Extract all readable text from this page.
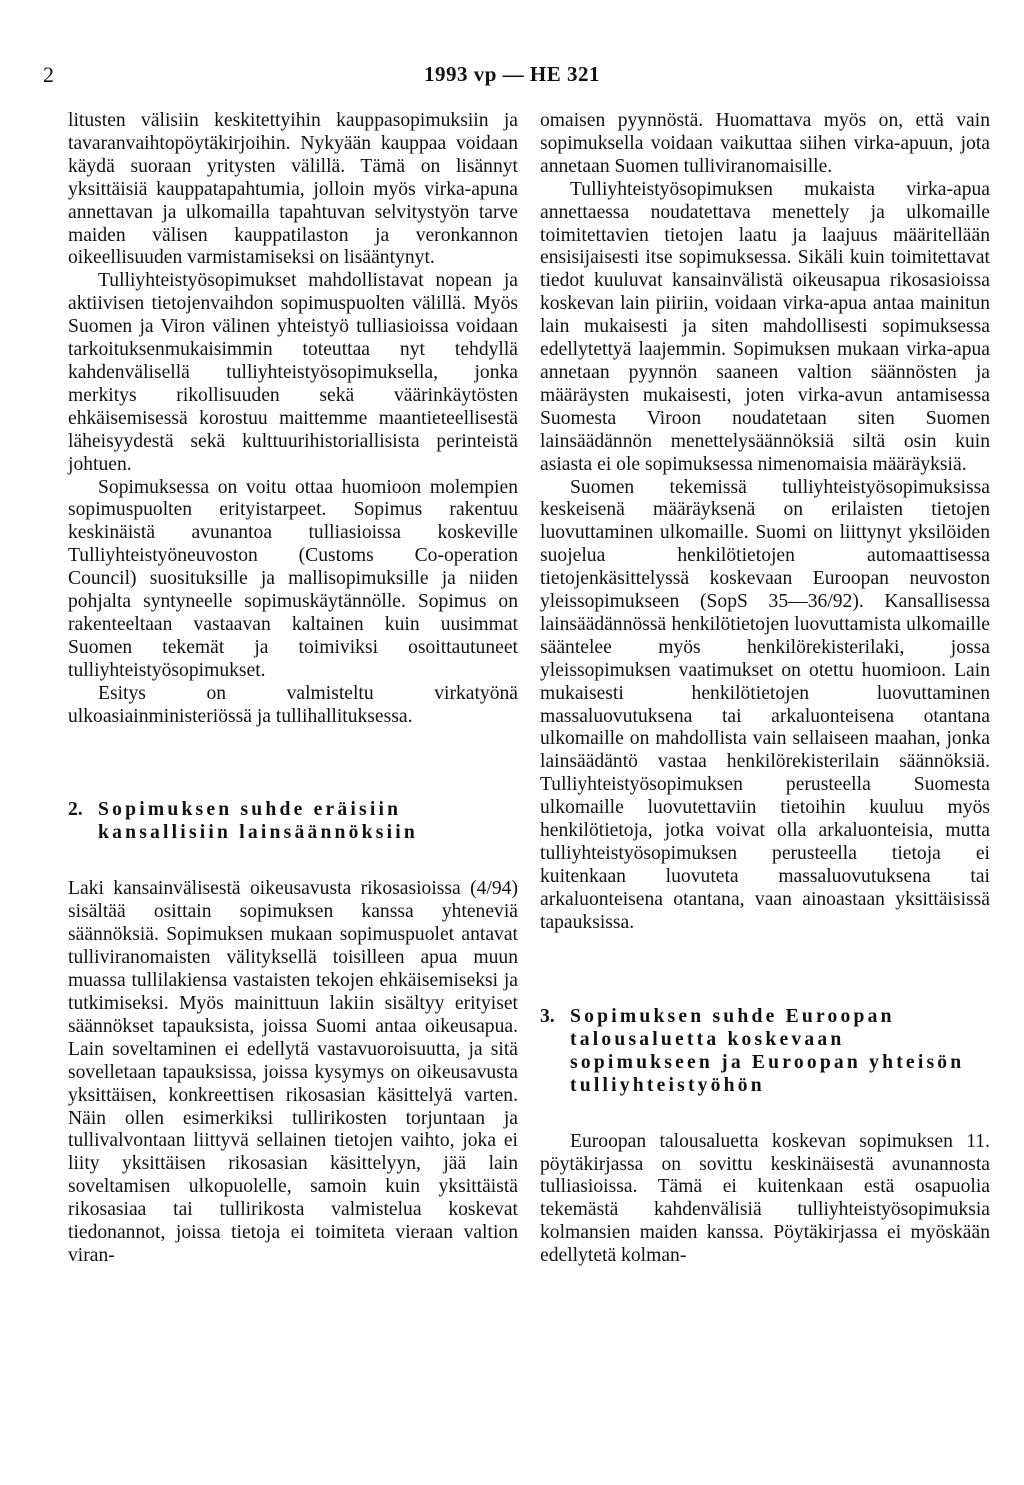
2	1993 vp — HE 321

litusten välisiin keskitettyihin kauppasopimuksiin ja tavaranvaihtopöytäkirjoihin. Nykyään kauppaa voidaan käydä suoraan yritysten välillä. Tämä on lisännyt yksittäisiä kauppatapahtumia, jolloin myös virka-apuna annettavan ja ulkomailla tapahtuvan selvitystyön tarve maiden välisen kauppatilaston ja veronkannon oikeellisuuden varmistamiseksi on lisääntynyt.

Tulliyhteistyösopimukset mahdollistavat nopean ja aktiivisen tietojenvaihdon sopimuspuolten välillä. Myös Suomen ja Viron välinen yhteistyö tulliasioissa voidaan tarkoituksenmukaisimmin toteuttaa nyt tehdyllä kahdenvälisellä tulliyhteistyösopimuksella, jonka merkitys rikollisuuden sekä väärinkäytösten ehkäisemisessä korostuu maittemme maantieteellisestä läheisyydestä sekä kulttuurihistoriallisista perinteistä johtuen.

Sopimuksessa on voitu ottaa huomioon molempien sopimuspuolten erityistarpeet. Sopimus rakentuu keskinäistä avunantoa tulliasioissa koskeville Tulliyhteistyöneuvoston (Customs Co-operation Council) suosituksille ja mallisopimuksille ja niiden pohjalta syntyneelle sopimuskäytännölle. Sopimus on rakenteeltaan vastaavan kaltainen kuin uusimmat Suomen tekemät ja toimiviksi osoittautuneet tulliyhteistyösopimukset.

Esitys on valmisteltu virkatyönä ulkoasiainministeriössä ja tullihallituksessa.

2. Sopimuksen suhde eräisiin kansallisiin lainsäännöksiin

Laki kansainvälisestä oikeusavusta rikosasioissa (4/94) sisältää osittain sopimuksen kanssa yhteneviä säännöksiä. Sopimuksen mukaan sopimuspuolet antavat tulliviranomaisten välityksellä toisilleen apua muun muassa tullilakiensa vastaisten tekojen ehkäisemiseksi ja tutkimiseksi. Myös mainittuun lakiin sisältyy erityiset säännökset tapauksista, joissa Suomi antaa oikeusapua. Lain soveltaminen ei edellytä vastavuoroisuutta, ja sitä sovelletaan tapauksissa, joissa kysymys on oikeusavusta yksittäisen, konkreettisen rikosasian käsittelyä varten. Näin ollen esimerkiksi tullirikosten torjuntaan ja tullivalvontaan liittyvä sellainen tietojen vaihto, joka ei liity yksittäisen rikosasian käsittelyyn, jää lain soveltamisen ulkopuolelle, samoin kuin yksittäistä rikosasiaa tai tullirikosta valmistelua koskevat tiedonannot, joissa tietoja ei toimiteta vieraan valtion viran-

omaisen pyynnöstä. Huomattava myös on, että vain sopimuksella voidaan vaikuttaa siihen virka-apuun, jota annetaan Suomen tulliviranomaisille.

Tulliyhteistyösopimuksen mukaista virka-apua annettaessa noudatettava menettely ja ulkomaille toimitettavien tietojen laatu ja laajuus määritellään ensisijaisesti itse sopimuksessa. Sikäli kuin toimitettavat tiedot kuuluvat kansainvälistä oikeusapua rikosasioissa koskevan lain piiriin, voidaan virka-apua antaa mainitun lain mukaisesti ja siten mahdollisesti sopimuksessa edellytettyä laajemmin. Sopimuksen mukaan virka-apua annetaan pyynnön saaneen valtion säännösten ja määräysten mukaisesti, joten virka-avun antamisessa Suomesta Viroon noudatetaan siten Suomen lainsäädännön menettelysäännöksiä siltä osin kuin asiasta ei ole sopimuksessa nimenomaisia määräyksiä.

Suomen tekemissä tulliyhteistyösopimuksissa keskeisenä määräyksenä on erilaisten tietojen luovuttaminen ulkomaille. Suomi on liittynyt yksilöiden suojelua henkilötietojen automaattisessa tietojenkäsittelyssä koskevaan Euroopan neuvoston yleissopimukseen (SopS 35—36/92). Kansallisessa lainsäädännössä henkilötietojen luovuttamista ulkomaille sääntelee myös henkilörekisterilaki, jossa yleissopimuksen vaatimukset on otettu huomioon. Lain mukaisesti henkilötietojen luovuttaminen massaluovutuksena tai arkaluonteisena otantana ulkomaille on mahdollista vain sellaiseen maahan, jonka lainsäädäntö vastaa henkilörekisterilain säännöksiä. Tulliyhteistyösopimuksen perusteella Suomesta ulkomaille luovutettaviin tietoihin kuuluu myös henkilötietoja, jotka voivat olla arkaluonteisia, mutta tulliyhteistyösopimuksen perusteella tietoja ei kuitenkaan luovuteta massaluovutuksena tai arkaluonteisena otantana, vaan ainoastaan yksittäisissä tapauksissa.

3. Sopimuksen suhde Euroopan talousaluetta koskevaan sopimukseen ja Euroopan yhteisön tulliyhteistyöhön

Euroopan talousaluetta koskevan sopimuksen 11. pöytäkirjassa on sovittu keskinäisestä avunannosta tulliasioissa. Tämä ei kuitenkaan estä osapuolia tekemästä kahdenvälisiä tulliyhteistyösopimuksia kolmansien maiden kanssa. Pöytäkirjassa ei myöskään edellytetä kolman-
